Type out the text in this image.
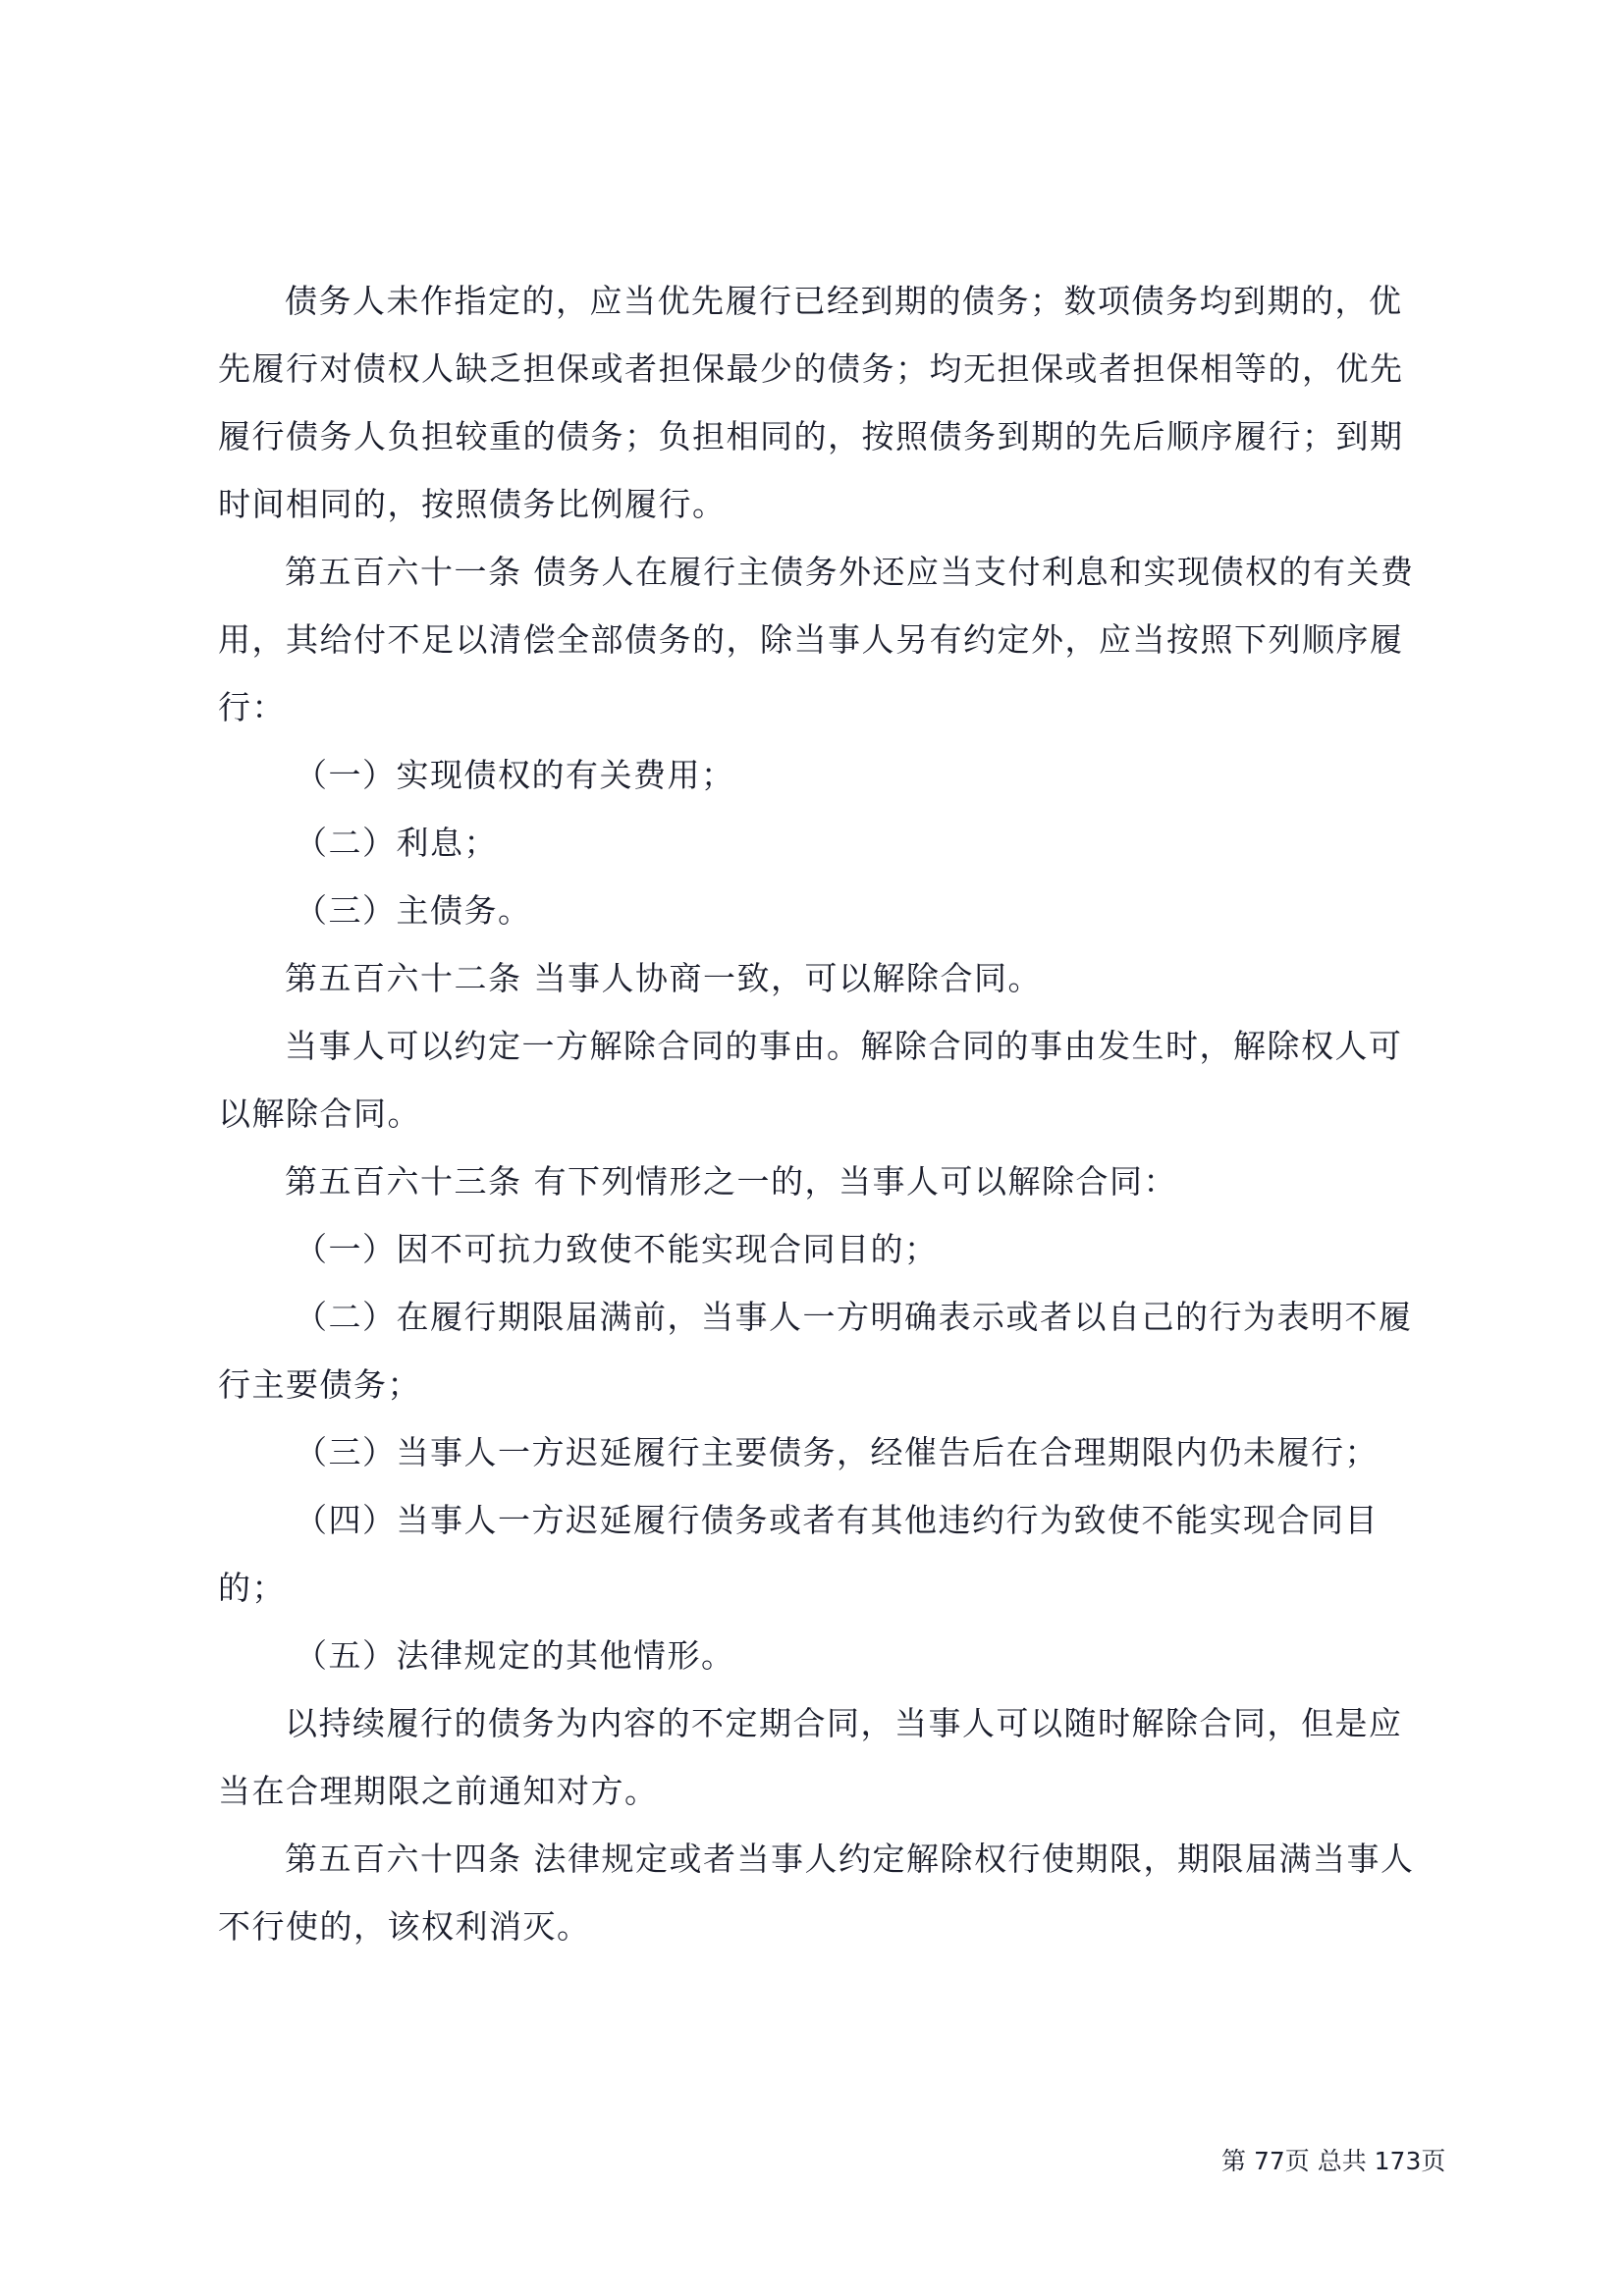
债务人未作指定的，应当优先履行已经到期的债务；数项债务均到期的，优先履行对债权人缺乏担保或者担保最少的债务；均无担保或者担保相等的，优先履行债务人负担较重的债务；负担相同的，按照债务到期的先后顺序履行；到期时间相同的，按照债务比例履行。

第五百六十一条 债务人在履行主债务外还应当支付利息和实现债权的有关费用，其给付不足以清偿全部债务的，除当事人另有约定外，应当按照下列顺序履行：

（一）实现债权的有关费用；

（二）利息；

（三）主债务。

第五百六十二条 当事人协商一致，可以解除合同。

当事人可以约定一方解除合同的事由。解除合同的事由发生时，解除权人可以解除合同。

第五百六十三条 有下列情形之一的，当事人可以解除合同：

（一）因不可抗力致使不能实现合同目的；

（二）在履行期限届满前，当事人一方明确表示或者以自己的行为表明不履行主要债务；

（三）当事人一方迟延履行主要债务，经催告后在合理期限内仍未履行；

（四）当事人一方迟延履行债务或者有其他违约行为致使不能实现合同目的；

（五）法律规定的其他情形。

以持续履行的债务为内容的不定期合同，当事人可以随时解除合同，但是应当在合理期限之前通知对方。

第五百六十四条 法律规定或者当事人约定解除权行使期限，期限届满当事人不行使的，该权利消灭。

第 77页 总共 173页
